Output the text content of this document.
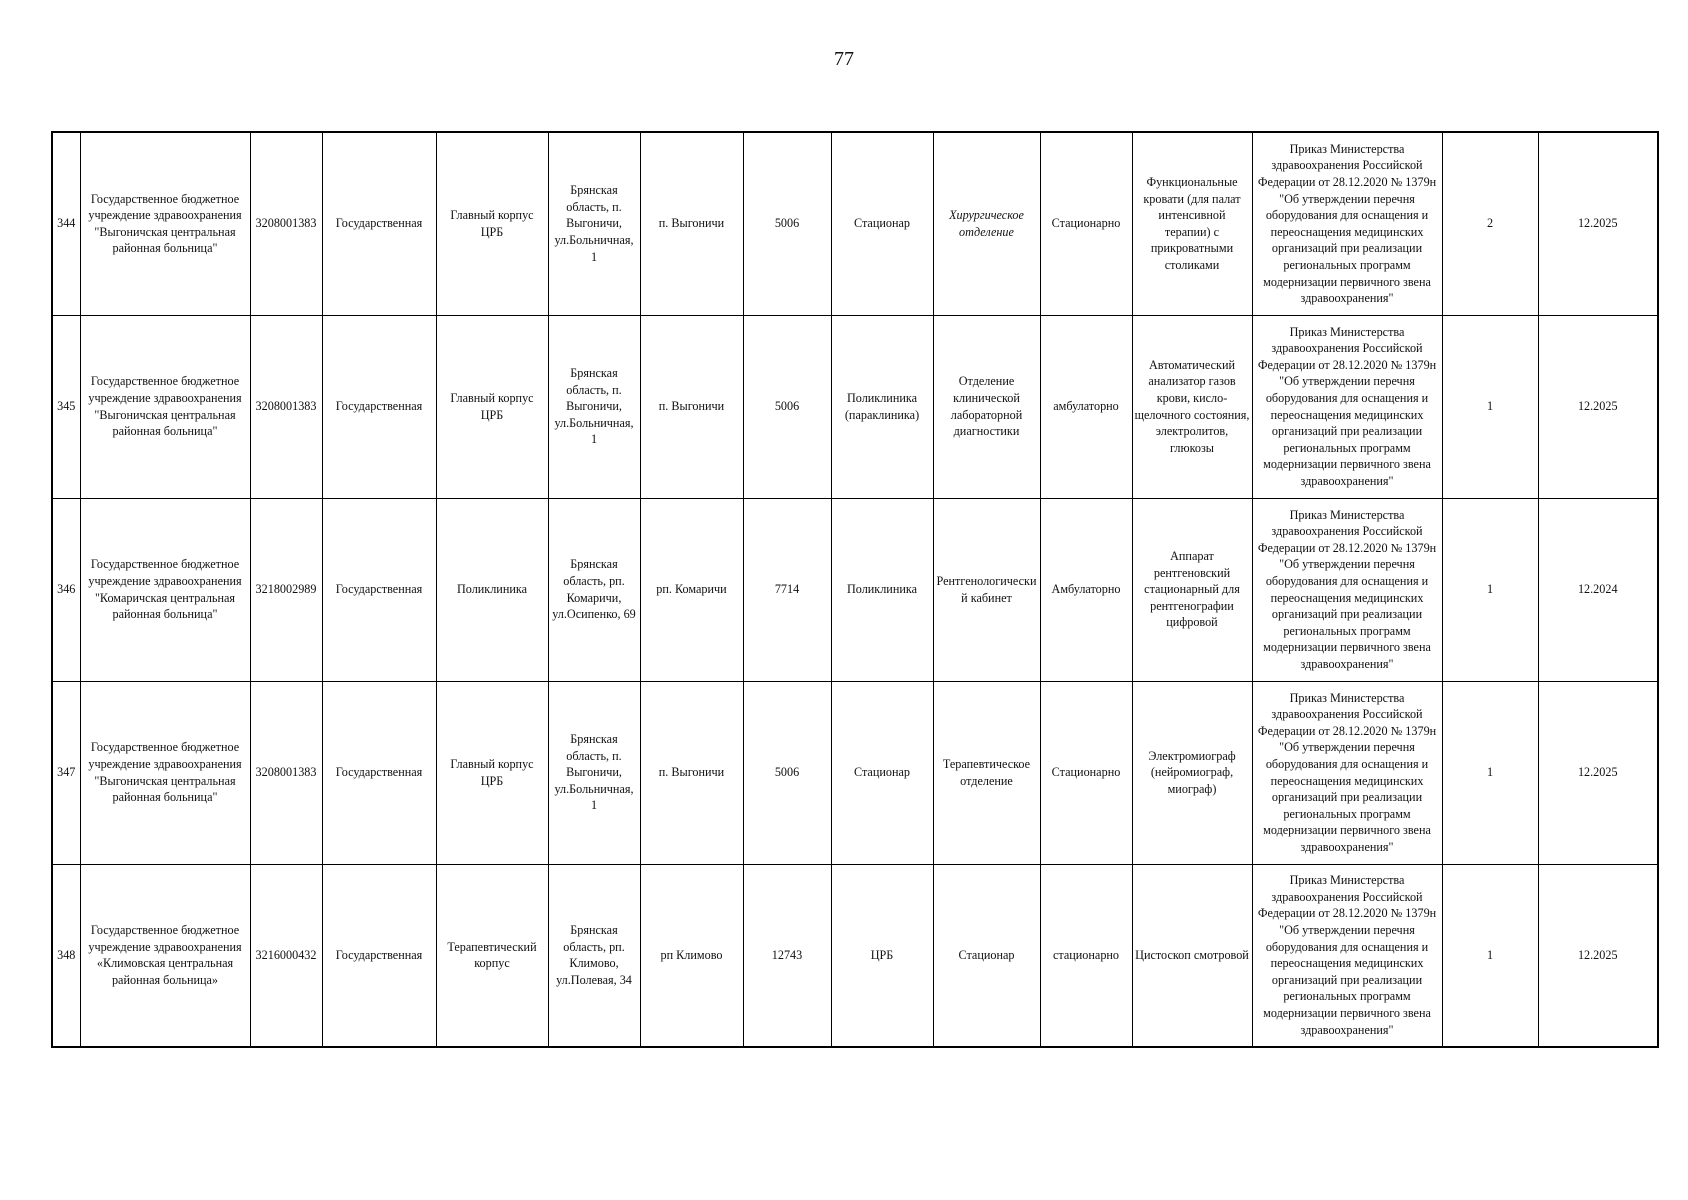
77
344	Государственное бюджетное учреждение здравоохранения "Выгоничская центральная районная больница"	3208001383	Государственная	Главный корпус ЦРБ	Брянская область, п. Выгоничи, ул.Больничная, 1	п. Выгоничи	5006	Стационар	Хирургическое отделение	Стационарно	Функциональные кровати (для палат интенсивной терапии) с прикроватными столиками	Приказ Министерства здравоохранения Российской Федерации от 28.12.2020 № 1379н "Об утверждении перечня оборудования для оснащения и переоснащения медицинских организаций при реализации региональных программ модернизации первичного звена здравоохранения"	2	12.2025
345	Государственное бюджетное учреждение здравоохранения "Выгоничская центральная районная больница"	3208001383	Государственная	Главный корпус ЦРБ	Брянская область, п. Выгоничи, ул.Больничная, 1	п. Выгоничи	5006	Поликлиника (параклиника)	Отделение клинической лабораторной диагностики	амбулаторно	Автоматический анализатор газов крови, кисло-щелочного состояния, электролитов, глюкозы	Приказ Министерства здравоохранения Российской Федерации от 28.12.2020 № 1379н "Об утверждении перечня оборудования для оснащения и переоснащения медицинских организаций при реализации региональных программ модернизации первичного звена здравоохранения"	1	12.2025
346	Государственное бюджетное учреждение здравоохранения "Комаричская центральная районная больница"	3218002989	Государственная	Поликлиника	Брянская область, рп. Комаричи, ул.Осипенко, 69	рп. Комаричи	7714	Поликлиника	Рентгенологический кабинет	Амбулаторно	Аппарат рентгеновский стационарный для рентгенографии цифровой	Приказ Министерства здравоохранения Российской Федерации от 28.12.2020 № 1379н "Об утверждении перечня оборудования для оснащения и переоснащения медицинских организаций при реализации региональных программ модернизации первичного звена здравоохранения"	1	12.2024
347	Государственное бюджетное учреждение здравоохранения "Выгоничская центральная районная больница"	3208001383	Государственная	Главный корпус ЦРБ	Брянская область, п. Выгоничи, ул.Больничная, 1	п. Выгоничи	5006	Стационар	Терапевтическое отделение	Стационарно	Электромиограф (нейромиограф, миограф)	Приказ Министерства здравоохранения Российской Федерации от 28.12.2020 № 1379н "Об утверждении перечня оборудования для оснащения и переоснащения медицинских организаций при реализации региональных программ модернизации первичного звена здравоохранения"	1	12.2025
348	Государственное бюджетное учреждение здравоохранения «Климовская центральная районная больница»	3216000432	Государственная	Терапевтический корпус	Брянская область, рп. Климово, ул.Полевая, 34	рп Климово	12743	ЦРБ	Стационар	стационарно	Цистоскоп смотровой	Приказ Министерства здравоохранения Российской Федерации от 28.12.2020 № 1379н "Об утверждении перечня оборудования для оснащения и переоснащения медицинских организаций при реализации региональных программ модернизации первичного звена здравоохранения"	1	12.2025
